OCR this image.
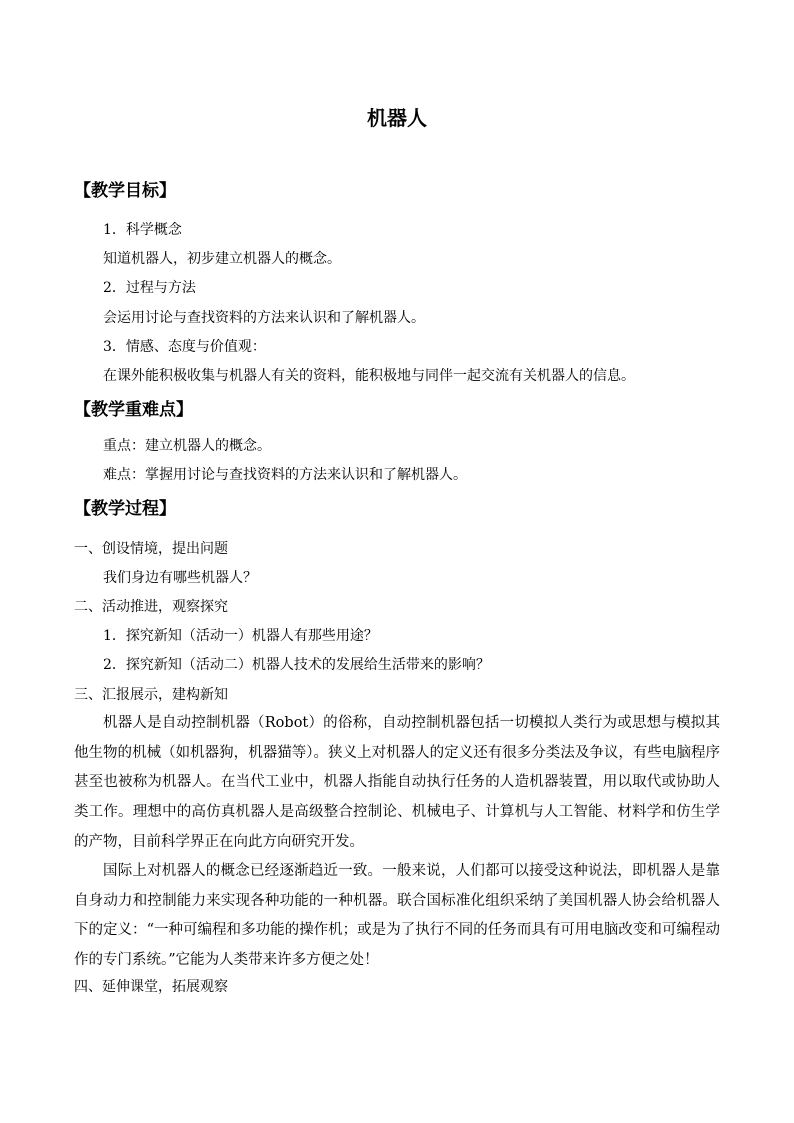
机器人
【教学目标】
1．科学概念
知道机器人，初步建立机器人的概念。
2．过程与方法
会运用讨论与查找资料的方法来认识和了解机器人。
3．情感、态度与价值观：
在课外能积极收集与机器人有关的资料，能积极地与同伴一起交流有关机器人的信息。
【教学重难点】
重点：建立机器人的概念。
难点：掌握用讨论与查找资料的方法来认识和了解机器人。
【教学过程】
一、创设情境，提出问题
我们身边有哪些机器人？
二、活动推进，观察探究
1．探究新知（活动一）机器人有那些用途？
2．探究新知（活动二）机器人技术的发展给生活带来的影响？
三、汇报展示，建构新知

机器人是自动控制机器（Robot）的俗称，自动控制机器包括一切模拟人类行为或思想与模拟其他生物的机械（如机器狗，机器猫等）。狭义上对机器人的定义还有很多分类法及争议，有些电脑程序甚至也被称为机器人。在当代工业中，机器人指能自动执行任务的人造机器装置，用以取代或协助人类工作。理想中的高仿真机器人是高级整合控制论、机械电子、计算机与人工智能、材料学和仿生学的产物，目前科学界正在向此方向研究开发。

国际上对机器人的概念已经逐渐趋近一致。一般来说，人们都可以接受这种说法，即机器人是靠自身动力和控制能力来实现各种功能的一种机器。联合国标准化组织采纳了美国机器人协会给机器人下的定义：“一种可编程和多功能的操作机；或是为了执行不同的任务而具有可用电脑改变和可编程动作的专门系统。”它能为人类带来许多方便之处！

四、延伸课堂，拓展观察
